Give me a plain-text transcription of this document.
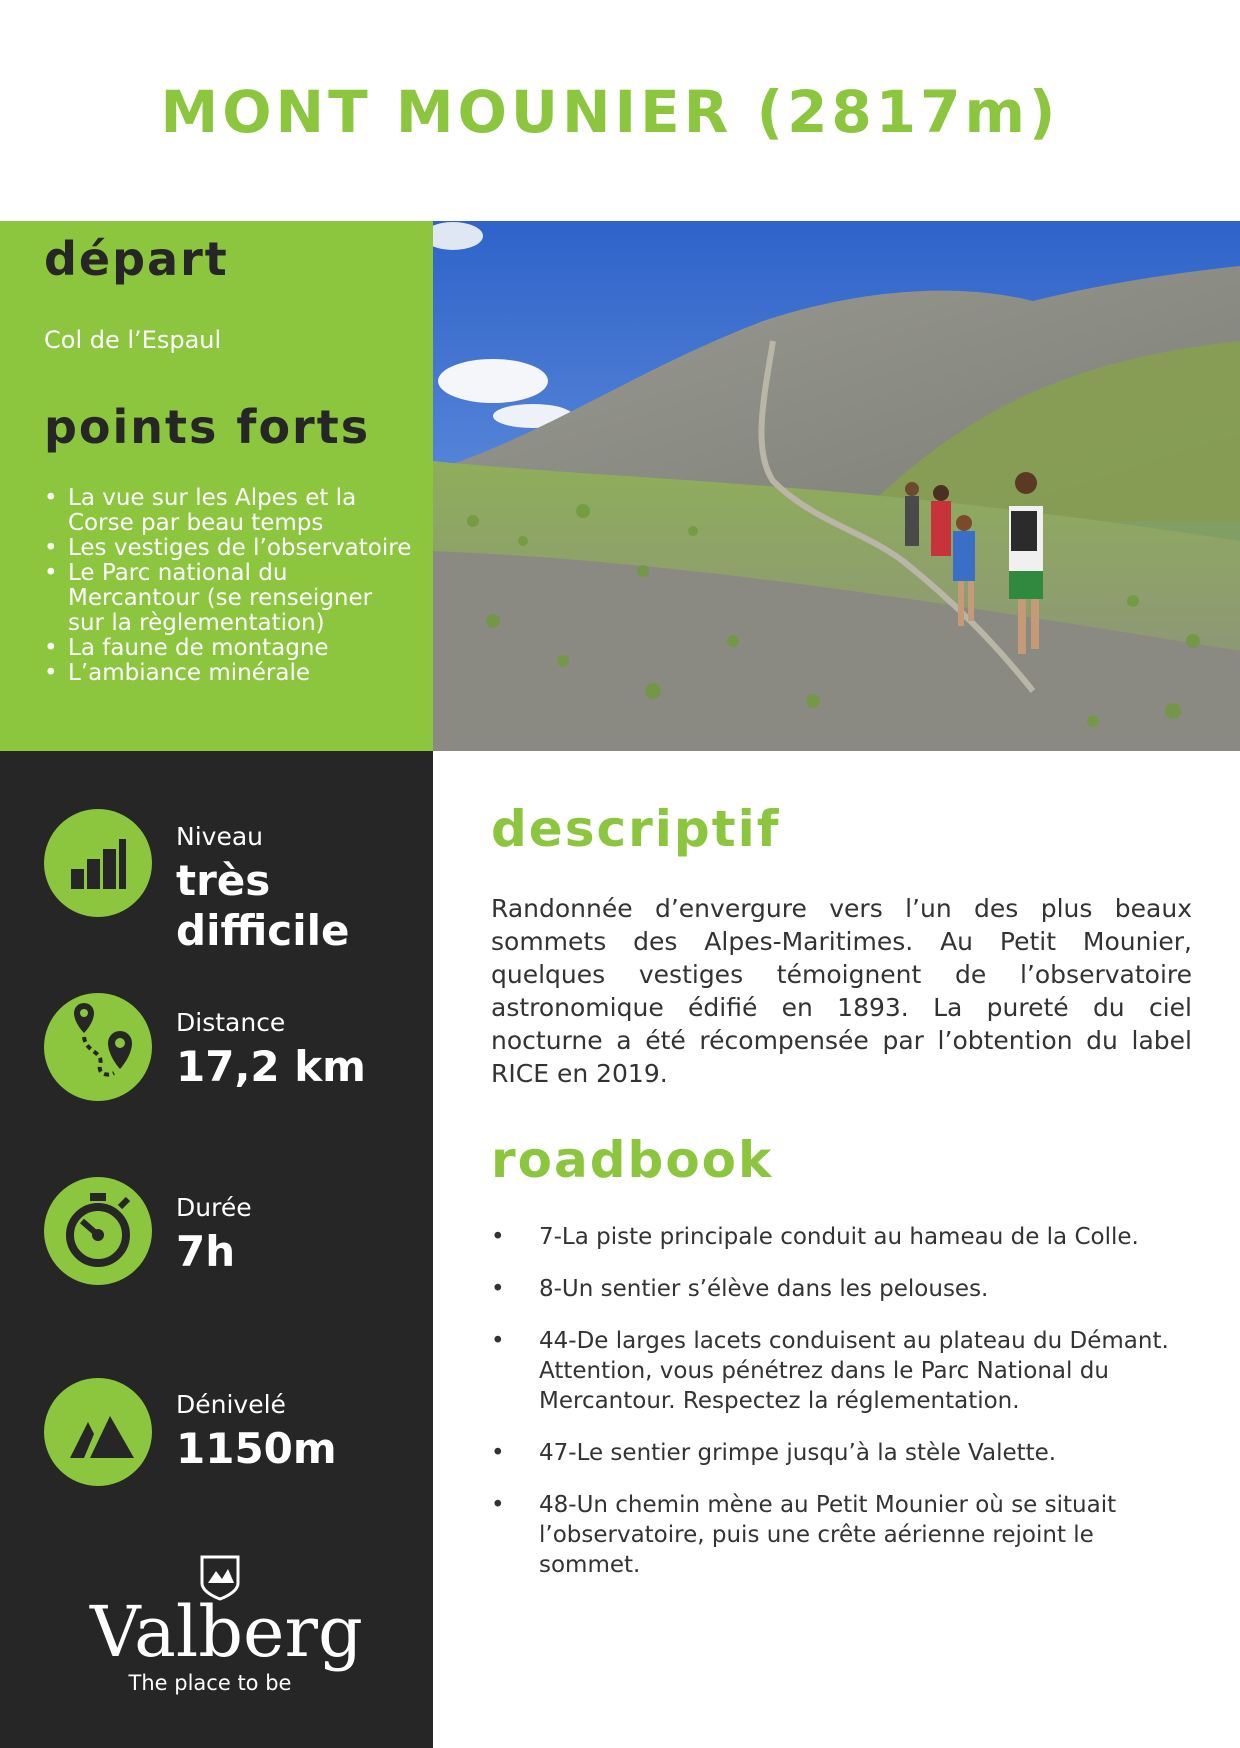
MONT MOUNIER (2817m)
départ
Col de l’Espaul
points forts
• La vue sur les Alpes et la Corse par beau temps
• Les vestiges de l’observatoire
• Le Parc national du Mercantour (se renseigner sur la règlementation)
• La faune de montagne
• L’ambiance minérale
Niveau
très difficile
Distance
17,2 km
Durée
7h
Dénivelé
1150m
Valberg
The place to be
descriptif

Randonnée d’envergure vers l’un des plus beaux sommets des Alpes-Maritimes. Au Petit Mounier, quelques vestiges témoignent de l’observatoire astronomique édifié en 1893. La pureté du ciel nocturne a été récompensée par l’obtention du label RICE en 2019.

roadbook
• 7-La piste principale conduit au hameau de la Colle.
• 8-Un sentier s’élève dans les pelouses.
• 44-De larges lacets conduisent au plateau du Démant. Attention, vous pénétrez dans le Parc National du Mercantour. Respectez la réglementation.
• 47-Le sentier grimpe jusqu’à la stèle Valette.
• 48-Un chemin mène au Petit Mounier où se situait l’observatoire, puis une crête aérienne rejoint le sommet.
